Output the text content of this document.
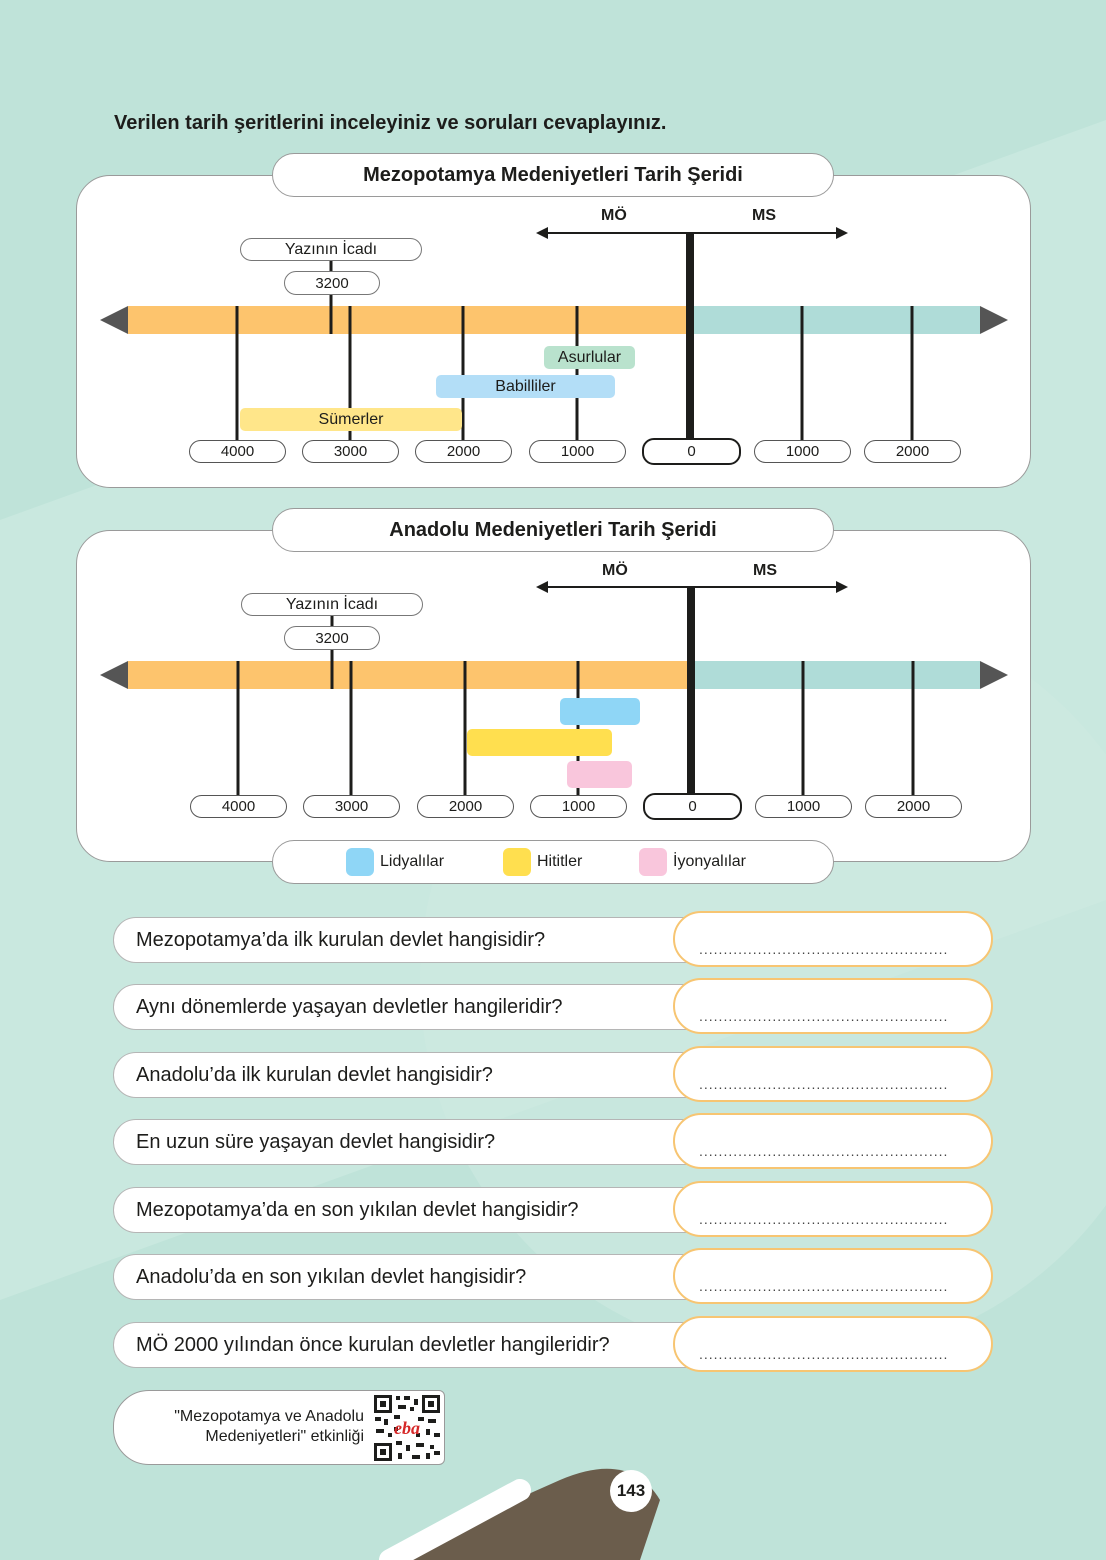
Verilen tarih şeritlerini inceleyiniz ve soruları cevaplayınız.
Mezopotamya Medeniyetleri Tarih Şeridi
MÖ	MS
Yazının İcadı
3200
Asurlular
Babilliler
Sümerler
4000	3000	2000	1000	0	1000	2000
Anadolu Medeniyetleri Tarih Şeridi
MÖ	MS
Yazının İcadı
3200
4000	3000	2000	1000	0	1000	2000
Lidyalılar	Hititler	İyonyalılar
Mezopotamya’da ilk kurulan devlet hangisidir?	...................................................
Aynı dönemlerde yaşayan devletler hangileridir?	...................................................
Anadolu’da ilk kurulan devlet hangisidir?	...................................................
En uzun süre yaşayan devlet hangisidir?	...................................................
Mezopotamya’da en son yıkılan devlet hangisidir?	...................................................
Anadolu’da en son yıkılan devlet hangisidir?	...................................................
MÖ 2000 yılından önce kurulan devletler hangileridir?	...................................................
"Mezopotamya ve Anadolu
Medeniyetleri" etkinliği eba
143
